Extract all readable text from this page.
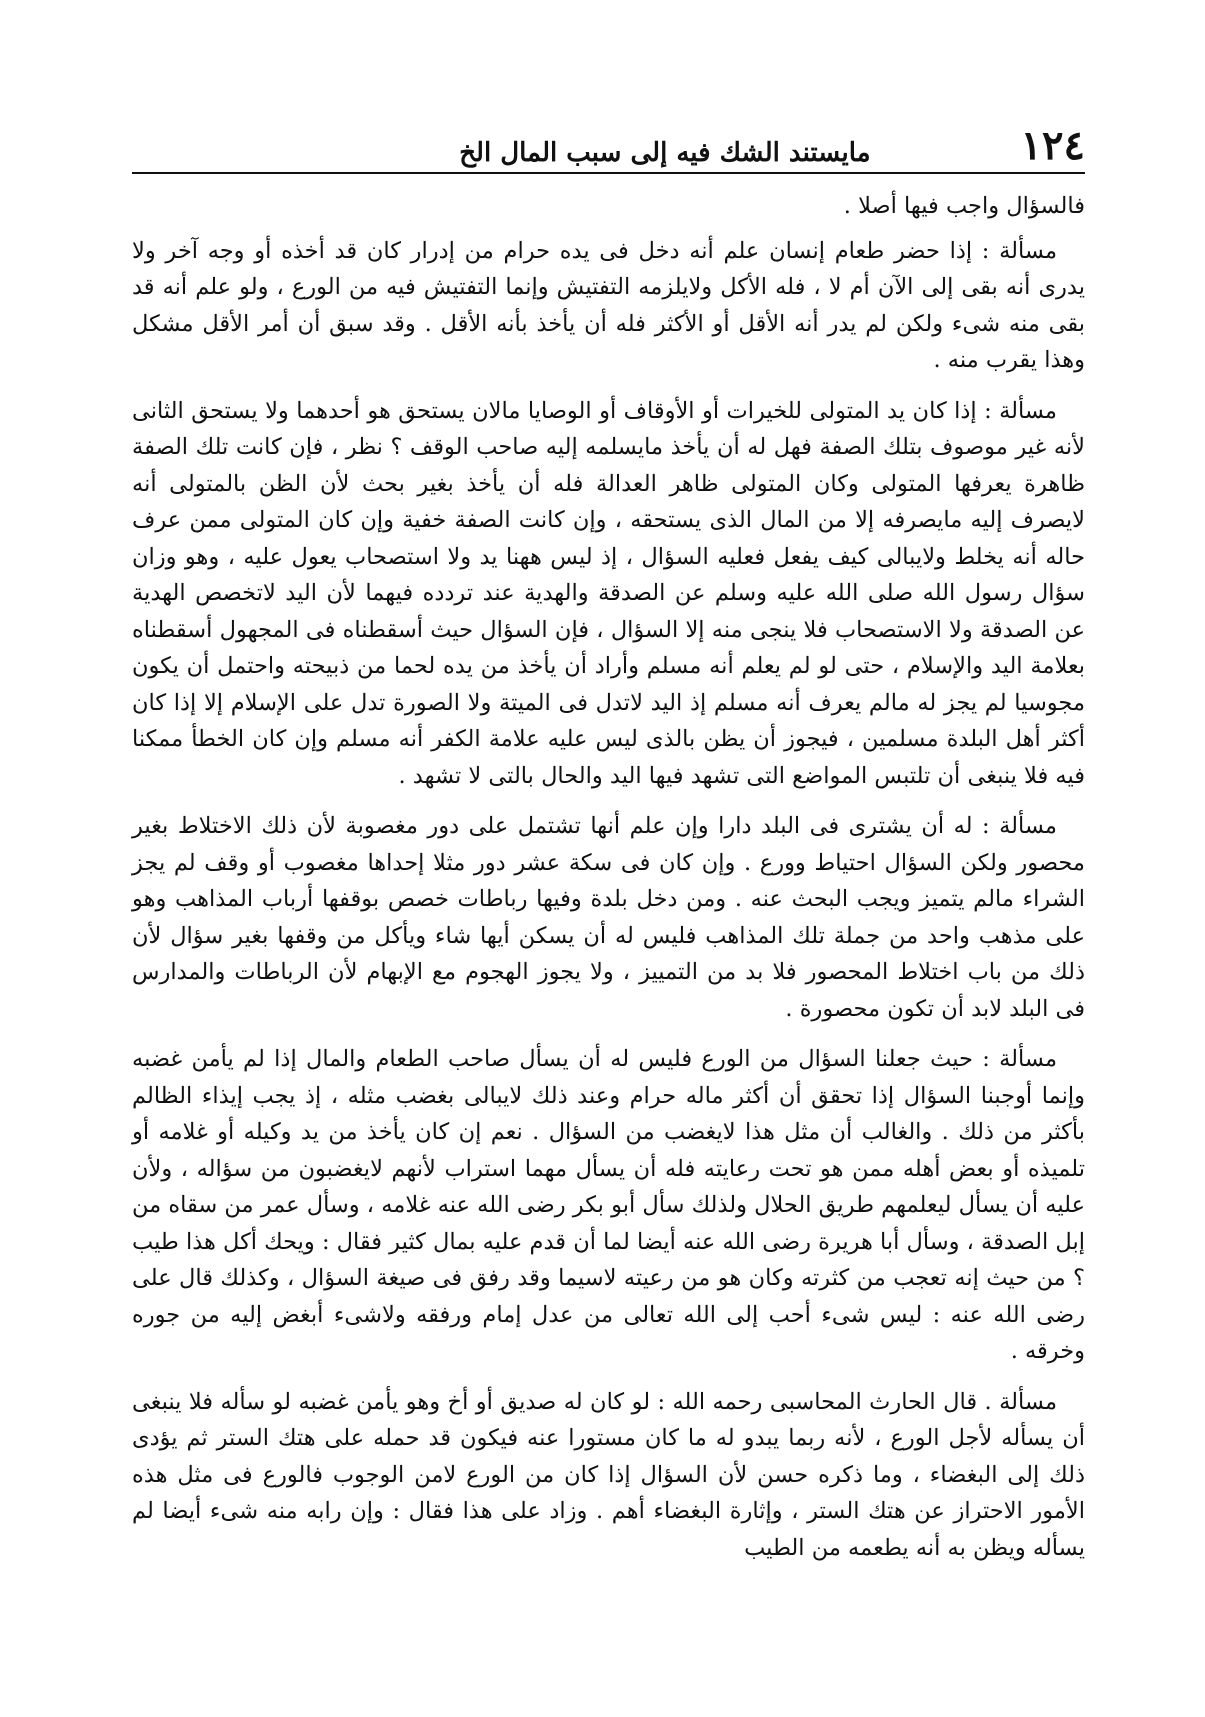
١٢٤
مايستند الشك فيه إلى سبب المال الخ

فالسؤال واجب فيها أصلا .

مسألة : إذا حضر طعام إنسان علم أنه دخل فى يده حرام من إدرار كان قد أخذه أو وجه آخر ولا يدرى أنه بقى إلى الآن أم لا ، فله الأكل ولايلزمه التفتيش وإنما التفتيش فيه من الورع ، ولو علم أنه قد بقى منه شىء ولكن لم يدر أنه الأقل أو الأكثر فله أن يأخذ بأنه الأقل . وقد سبق أن أمر الأقل مشكل وهذا يقرب منه .

مسألة : إذا كان يد المتولى للخيرات أو الأوقاف أو الوصايا مالان يستحق هو أحدهما ولا يستحق الثانى لأنه غير موصوف بتلك الصفة فهل له أن يأخذ مايسلمه إليه صاحب الوقف ؟ نظر ، فإن كانت تلك الصفة ظاهرة يعرفها المتولى وكان المتولى ظاهر العدالة فله أن يأخذ بغير بحث لأن الظن بالمتولى أنه لايصرف إليه مايصرفه إلا من المال الذى يستحقه ، وإن كانت الصفة خفية وإن كان المتولى ممن عرف حاله أنه يخلط ولايبالى كيف يفعل فعليه السؤال ، إذ ليس ههنا يد ولا استصحاب يعول عليه ، وهو وزان سؤال رسول الله صلى الله عليه وسلم عن الصدقة والهدية عند تردده فيهما لأن اليد لاتخصص الهدية عن الصدقة ولا الاستصحاب فلا ينجى منه إلا السؤال ، فإن السؤال حيث أسقطناه فى المجهول أسقطناه بعلامة اليد والإسلام ، حتى لو لم يعلم أنه مسلم وأراد أن يأخذ من يده لحما من ذبيحته واحتمل أن يكون مجوسيا لم يجز له مالم يعرف أنه مسلم إذ اليد لاتدل فى الميتة ولا الصورة تدل على الإسلام إلا إذا كان أكثر أهل البلدة مسلمين ، فيجوز أن يظن بالذى ليس عليه علامة الكفر أنه مسلم وإن كان الخطأ ممكنا فيه فلا ينبغى أن تلتبس المواضع التى تشهد فيها اليد والحال بالتى لا تشهد .

مسألة : له أن يشترى فى البلد دارا وإن علم أنها تشتمل على دور مغصوبة لأن ذلك الاختلاط بغير محصور ولكن السؤال احتياط وورع . وإن كان فى سكة عشر دور مثلا إحداها مغصوب أو وقف لم يجز الشراء مالم يتميز ويجب البحث عنه . ومن دخل بلدة وفيها رباطات خصص بوقفها أرباب المذاهب وهو على مذهب واحد من جملة تلك المذاهب فليس له أن يسكن أيها شاء ويأكل من وقفها بغير سؤال لأن ذلك من باب اختلاط المحصور فلا بد من التمييز ، ولا يجوز الهجوم مع الإبهام لأن الرباطات والمدارس فى البلد لابد أن تكون محصورة .

مسألة : حيث جعلنا السؤال من الورع فليس له أن يسأل صاحب الطعام والمال إذا لم يأمن غضبه وإنما أوجبنا السؤال إذا تحقق أن أكثر ماله حرام وعند ذلك لايبالى بغضب مثله ، إذ يجب إيذاء الظالم بأكثر من ذلك . والغالب أن مثل هذا لايغضب من السؤال . نعم إن كان يأخذ من يد وكيله أو غلامه أو تلميذه أو بعض أهله ممن هو تحت رعايته فله أن يسأل مهما استراب لأنهم لايغضبون من سؤاله ، ولأن عليه أن يسأل ليعلمهم طريق الحلال ولذلك سأل أبو بكر رضى الله عنه غلامه ، وسأل عمر من سقاه من إبل الصدقة ، وسأل أبا هريرة رضى الله عنه أيضا لما أن قدم عليه بمال كثير فقال : ويحك أكل هذا طيب ؟ من حيث إنه تعجب من كثرته وكان هو من رعيته لاسيما وقد رفق فى صيغة السؤال ، وكذلك قال على رضى الله عنه : ليس شىء أحب إلى الله تعالى من عدل إمام ورفقه ولاشىء أبغض إليه من جوره وخرقه .

مسألة . قال الحارث المحاسبى رحمه الله : لو كان له صديق أو أخ وهو يأمن غضبه لو سأله فلا ينبغى أن يسأله لأجل الورع ، لأنه ربما يبدو له ما كان مستورا عنه فيكون قد حمله على هتك الستر ثم يؤدى ذلك إلى البغضاء ، وما ذكره حسن لأن السؤال إذا كان من الورع لامن الوجوب فالورع فى مثل هذه الأمور الاحتراز عن هتك الستر ، وإثارة البغضاء أهم . وزاد على هذا فقال : وإن رابه منه شىء أيضا لم يسأله ويظن به أنه يطعمه من الطيب
